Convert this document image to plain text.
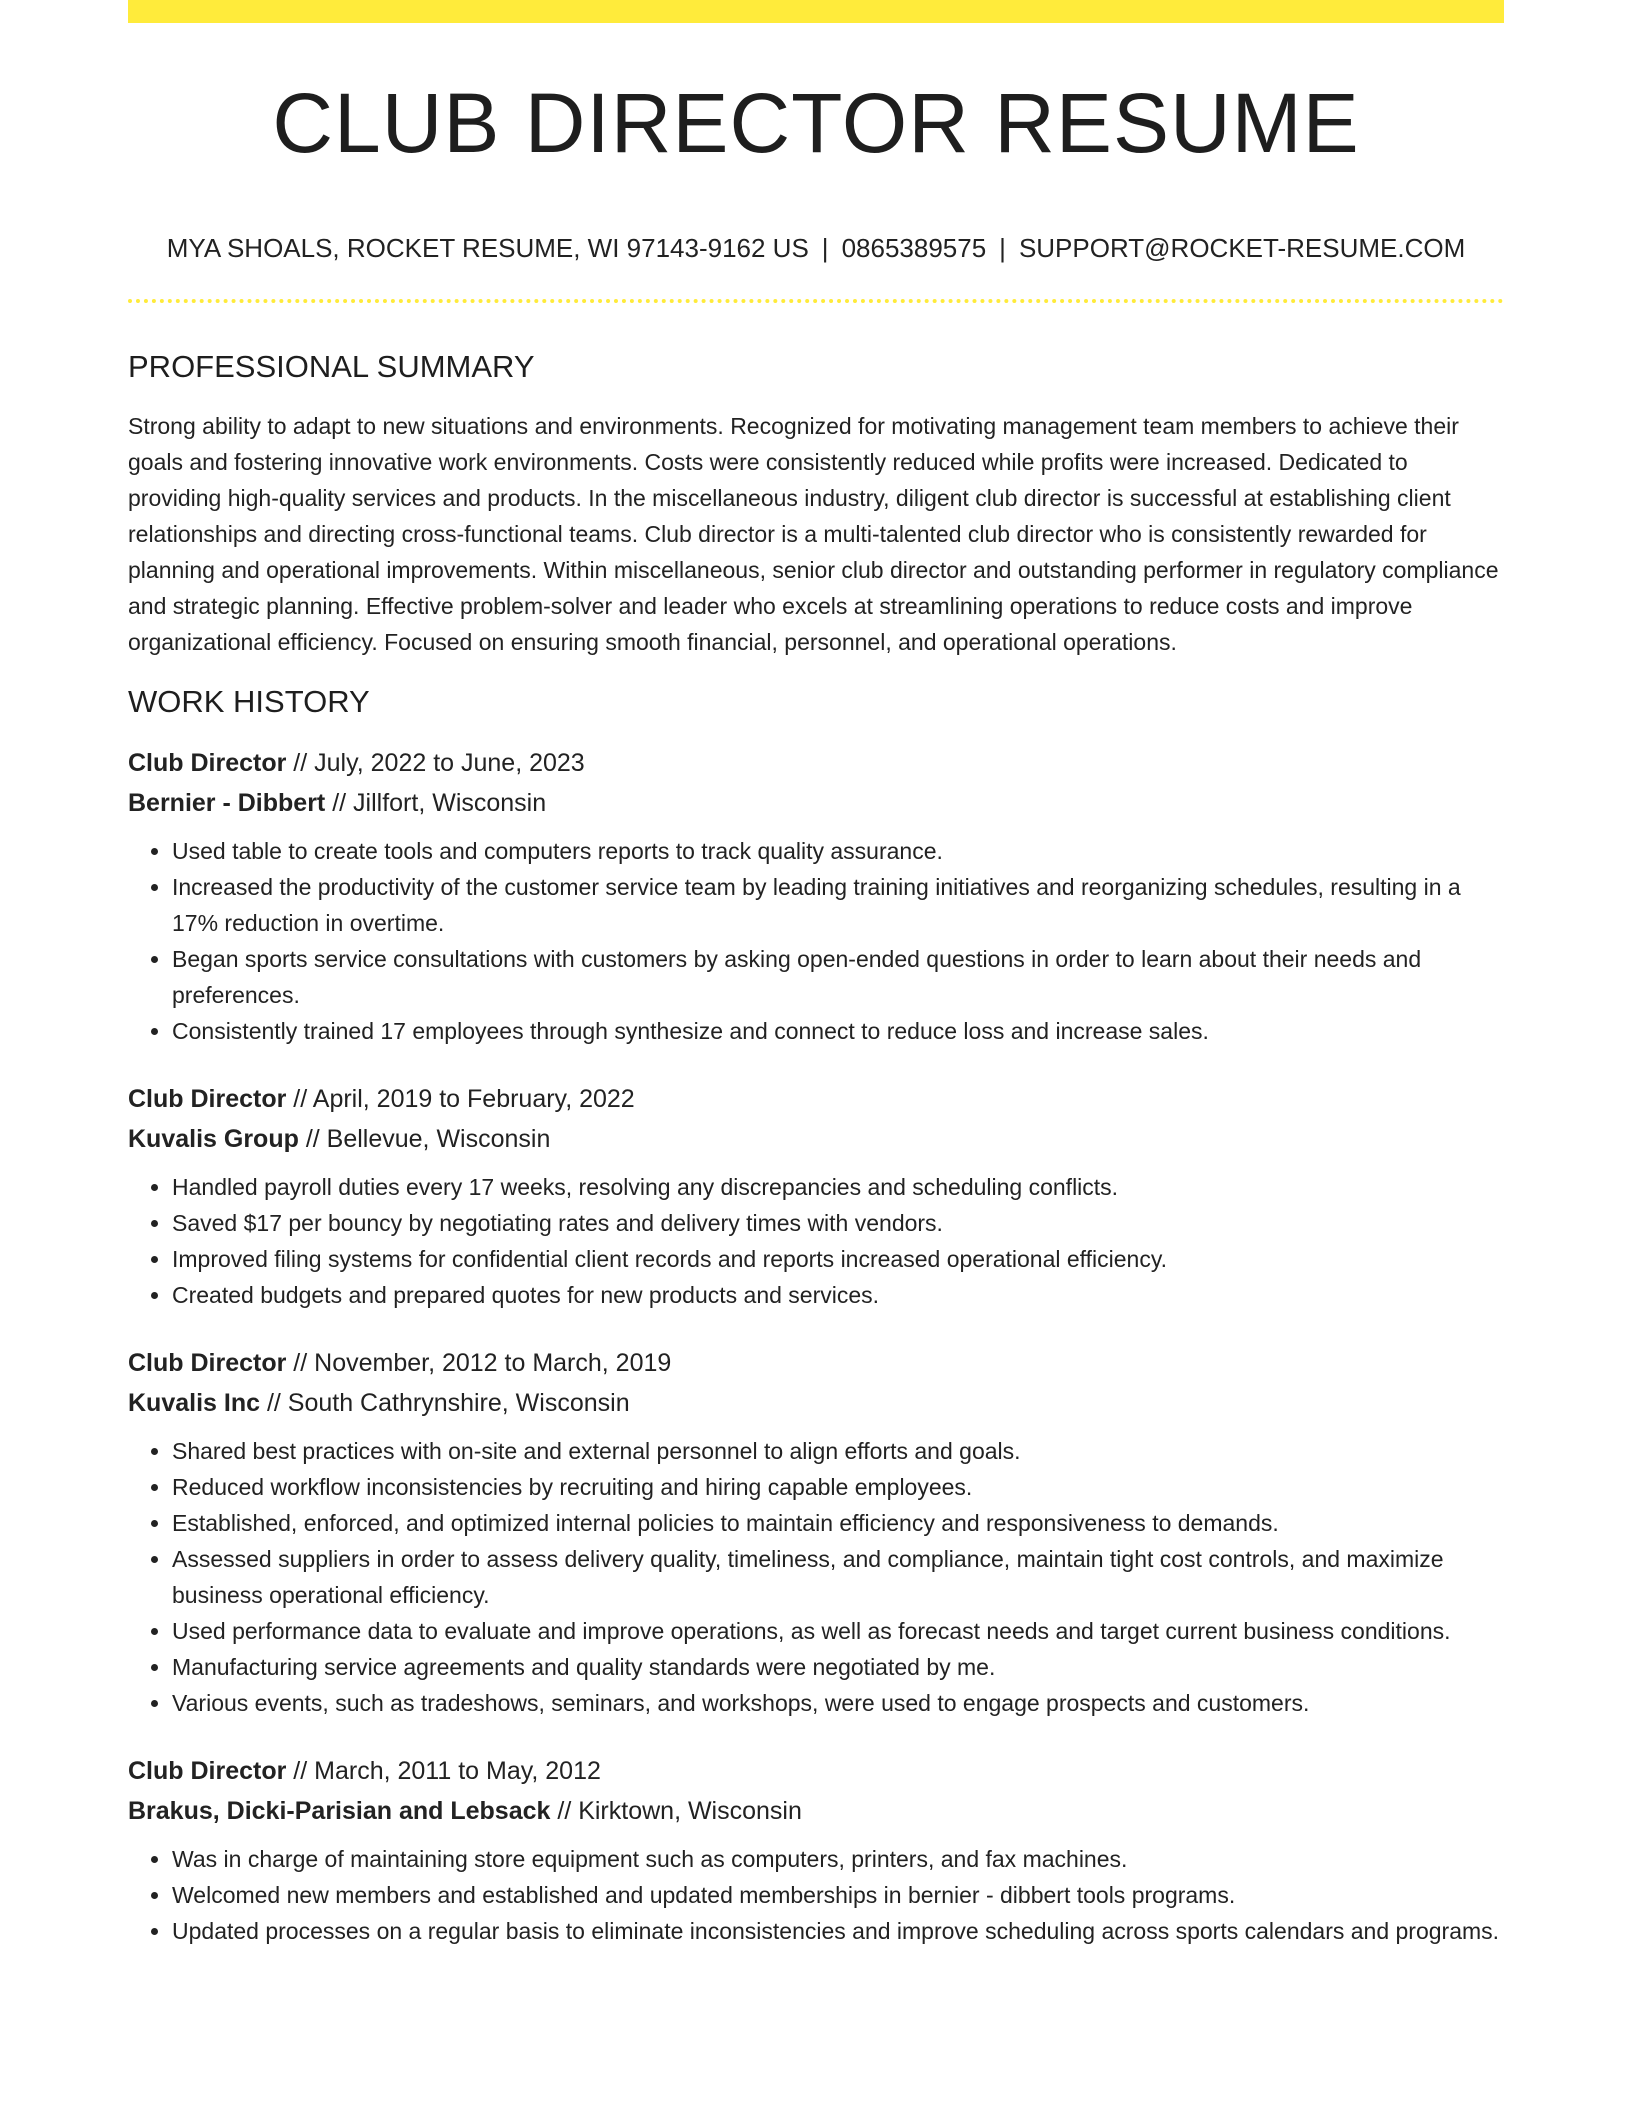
CLUB DIRECTOR RESUME
MYA SHOALS, ROCKET RESUME, WI 97143-9162 US | 0865389575 | SUPPORT@ROCKET-RESUME.COM
PROFESSIONAL SUMMARY

Strong ability to adapt to new situations and environments. Recognized for motivating management team members to achieve their goals and fostering innovative work environments. Costs were consistently reduced while profits were increased. Dedicated to providing high-quality services and products. In the miscellaneous industry, diligent club director is successful at establishing client relationships and directing cross-functional teams. Club director is a multi-talented club director who is consistently rewarded for planning and operational improvements. Within miscellaneous, senior club director and outstanding performer in regulatory compliance and strategic planning. Effective problem-solver and leader who excels at streamlining operations to reduce costs and improve organizational efficiency. Focused on ensuring smooth financial, personnel, and operational operations.

WORK HISTORY
Club Director // July, 2022 to June, 2023
Bernier - Dibbert // Jillfort, Wisconsin
• Used table to create tools and computers reports to track quality assurance.
• Increased the productivity of the customer service team by leading training initiatives and reorganizing schedules, resulting in a 17% reduction in overtime.
• Began sports service consultations with customers by asking open-ended questions in order to learn about their needs and preferences.
• Consistently trained 17 employees through synthesize and connect to reduce loss and increase sales.
Club Director // April, 2019 to February, 2022
Kuvalis Group // Bellevue, Wisconsin
• Handled payroll duties every 17 weeks, resolving any discrepancies and scheduling conflicts.
• Saved $17 per bouncy by negotiating rates and delivery times with vendors.
• Improved filing systems for confidential client records and reports increased operational efficiency.
• Created budgets and prepared quotes for new products and services.
Club Director // November, 2012 to March, 2019
Kuvalis Inc // South Cathrynshire, Wisconsin
• Shared best practices with on-site and external personnel to align efforts and goals.
• Reduced workflow inconsistencies by recruiting and hiring capable employees.
• Established, enforced, and optimized internal policies to maintain efficiency and responsiveness to demands.
• Assessed suppliers in order to assess delivery quality, timeliness, and compliance, maintain tight cost controls, and maximize business operational efficiency.
• Used performance data to evaluate and improve operations, as well as forecast needs and target current business conditions.
• Manufacturing service agreements and quality standards were negotiated by me.
• Various events, such as tradeshows, seminars, and workshops, were used to engage prospects and customers.
Club Director // March, 2011 to May, 2012
Brakus, Dicki-Parisian and Lebsack // Kirktown, Wisconsin
• Was in charge of maintaining store equipment such as computers, printers, and fax machines.
• Welcomed new members and established and updated memberships in bernier - dibbert tools programs.
• Updated processes on a regular basis to eliminate inconsistencies and improve scheduling across sports calendars and programs.
